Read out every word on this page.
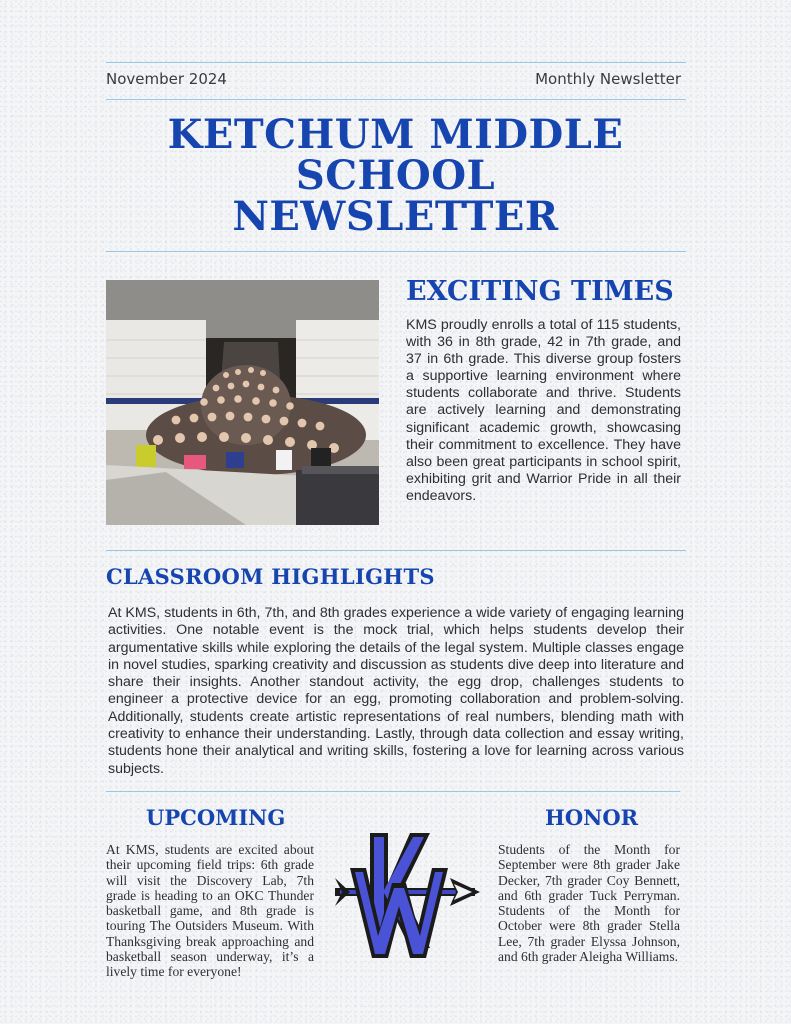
November 2024	Monthly Newsletter
KETCHUM MIDDLE
SCHOOL
NEWSLETTER
EXCITING TIMES
KMS proudly enrolls a total of 115 students, with 36 in 8th grade, 42 in 7th grade, and 37 in 6th grade. This diverse group fosters a supportive learning environment where students collaborate and thrive. Students are actively learning and demonstrating significant academic growth, showcasing their commitment to excellence. They have also been great participants in school spirit, exhibiting grit and Warrior Pride in all their endeavors.
CLASSROOM HIGHLIGHTS
At KMS, students in 6th, 7th, and 8th grades experience a wide variety of engaging learning activities. One notable event is the mock trial, which helps students develop their argumentative skills while exploring the details of the legal system. Multiple classes engage in novel studies, sparking creativity and discussion as students dive deep into literature and share their insights. Another standout activity, the egg drop, challenges students to engineer a protective device for an egg, promoting collaboration and problem-solving. Additionally, students create artistic representations of real numbers, blending math with creativity to enhance their understanding. Lastly, through data collection and essay writing, students hone their analytical and writing skills, fostering a love for learning across various subjects.
UPCOMING
At KMS, students are excited about their upcoming field trips: 6th grade will visit the Discovery Lab, 7th grade is heading to an OKC Thunder basketball game, and 8th grade is touring The Outsiders Museum. With Thanksgiving break approaching and basketball season underway, it’s a lively time for everyone!
HONOR
Students of the Month for September were 8th grader Jake Decker, 7th grader Coy Bennett, and 6th grader Tuck Perryman. Students of the Month for October were 8th grader Stella Lee, 7th grader Elyssa Johnson, and 6th grader Aleigha Williams.
